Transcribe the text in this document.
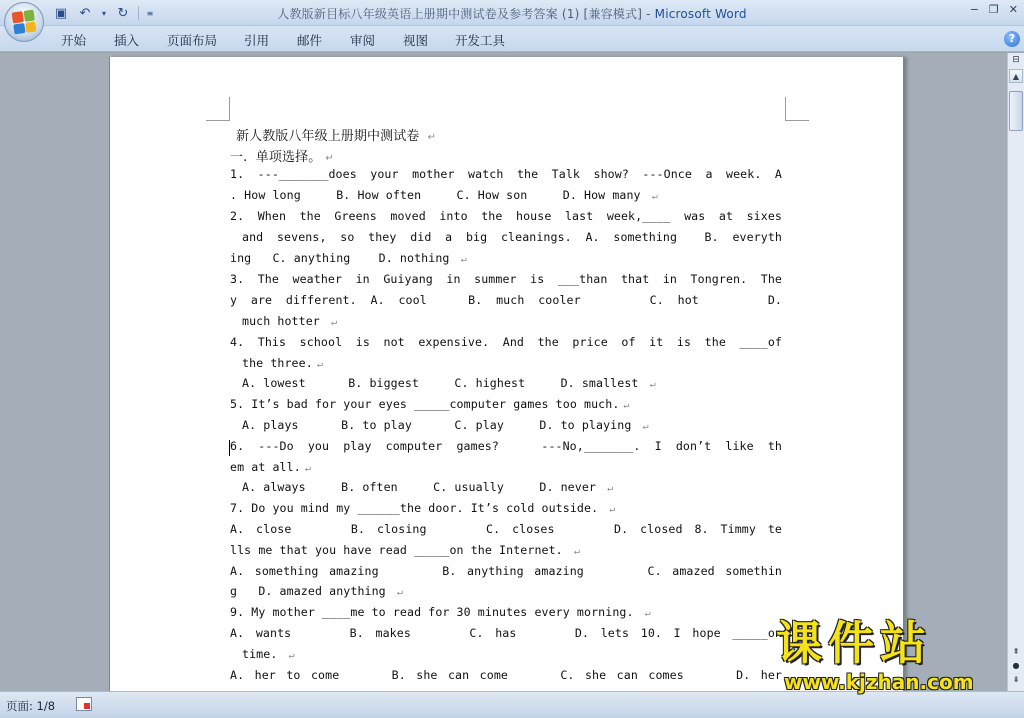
▣ ↶	▾ ↻	≡	人教版新目标八年级英语上册期中测试卷及参考答案 (1) [兼容模式] - Microsoft Word	− ❐ ✕
开始 插入 页面布局 引用 邮件 审阅 视图 开发工具	?
新人教版八年级上册期中测试卷 ↵
一.  单项选择。 ↵
1. ---_______does your mother watch the Talk show? ---Once a week. A
. How long     B. How often     C. How son     D. How many ↵
2. When the Greens moved into the house last week,____ was at sixes
and sevens, so they did a big cleanings. A. something  B. everyth
ing   C. anything    D. nothing ↵
3. The weather in Guiyang in summer is ___than that in Tongren. The
y are different. A. cool   B. much cooler     C. hot     D.
much hotter ↵
4. This school is not expensive. And the price of it is the ____of
the three. ↵
A. lowest      B. biggest     C. highest     D. smallest ↵
5. It’s bad for your eyes _____computer games too much. ↵
A. plays      B. to play      C. play     D. to playing ↵
6. ---Do you play computer games?   ---No,_______. I don’t like th
em at all. ↵
A. always     B. often     C. usually     D. never ↵
7. Do you mind my ______the door. It’s cold outside. ↵
A. close     B. closing     C. closes     D. closed 8. Timmy te
lls me that you have read _____on the Internet. ↵
A. something amazing      B. anything amazing      C. amazed somethin
g   D. amazed anything ↵
9. My mother ____me to read for 30 minutes every morning. ↵
A. wants     B. makes     C. has     D. lets 10. I hope _____on
time. ↵
A. her to come     B. she can come     C. she can comes     D. her
⊟
▲
⇞
●
⇟
页面: 1/8
课件站
www.kjzhan.com
